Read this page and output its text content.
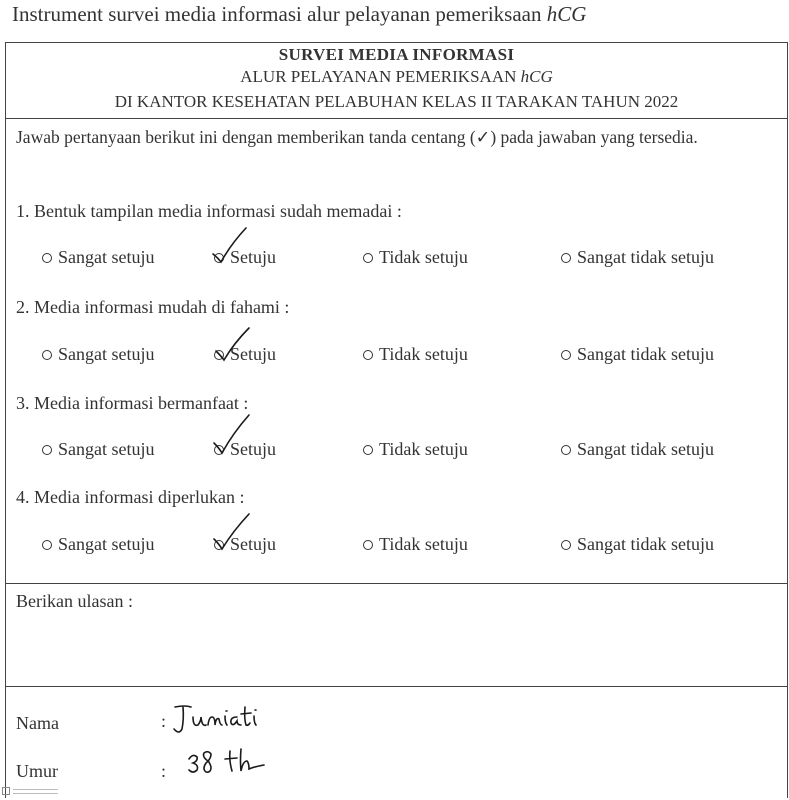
Instrument survei media informasi alur pelayanan pemeriksaan hCG
SURVEI MEDIA INFORMASI
ALUR PELAYANAN PEMERIKSAAN hCG
DI KANTOR KESEHATAN PELABUHAN KELAS II TARAKAN TAHUN 2022
Jawab pertanyaan berikut ini dengan memberikan tanda centang (✓) pada jawaban yang tersedia.
1. Bentuk tampilan media informasi sudah memadai :
Sangat setuju	Setuju	Tidak setuju	Sangat tidak setuju
2. Media informasi mudah di fahami :
Sangat setuju	Setuju	Tidak setuju	Sangat tidak setuju
3. Media informasi bermanfaat :
Sangat setuju	Setuju	Tidak setuju	Sangat tidak setuju
4. Media informasi diperlukan :
Sangat setuju	Setuju	Tidak setuju	Sangat tidak setuju
Berikan ulasan :
Nama	:
Umur	:
